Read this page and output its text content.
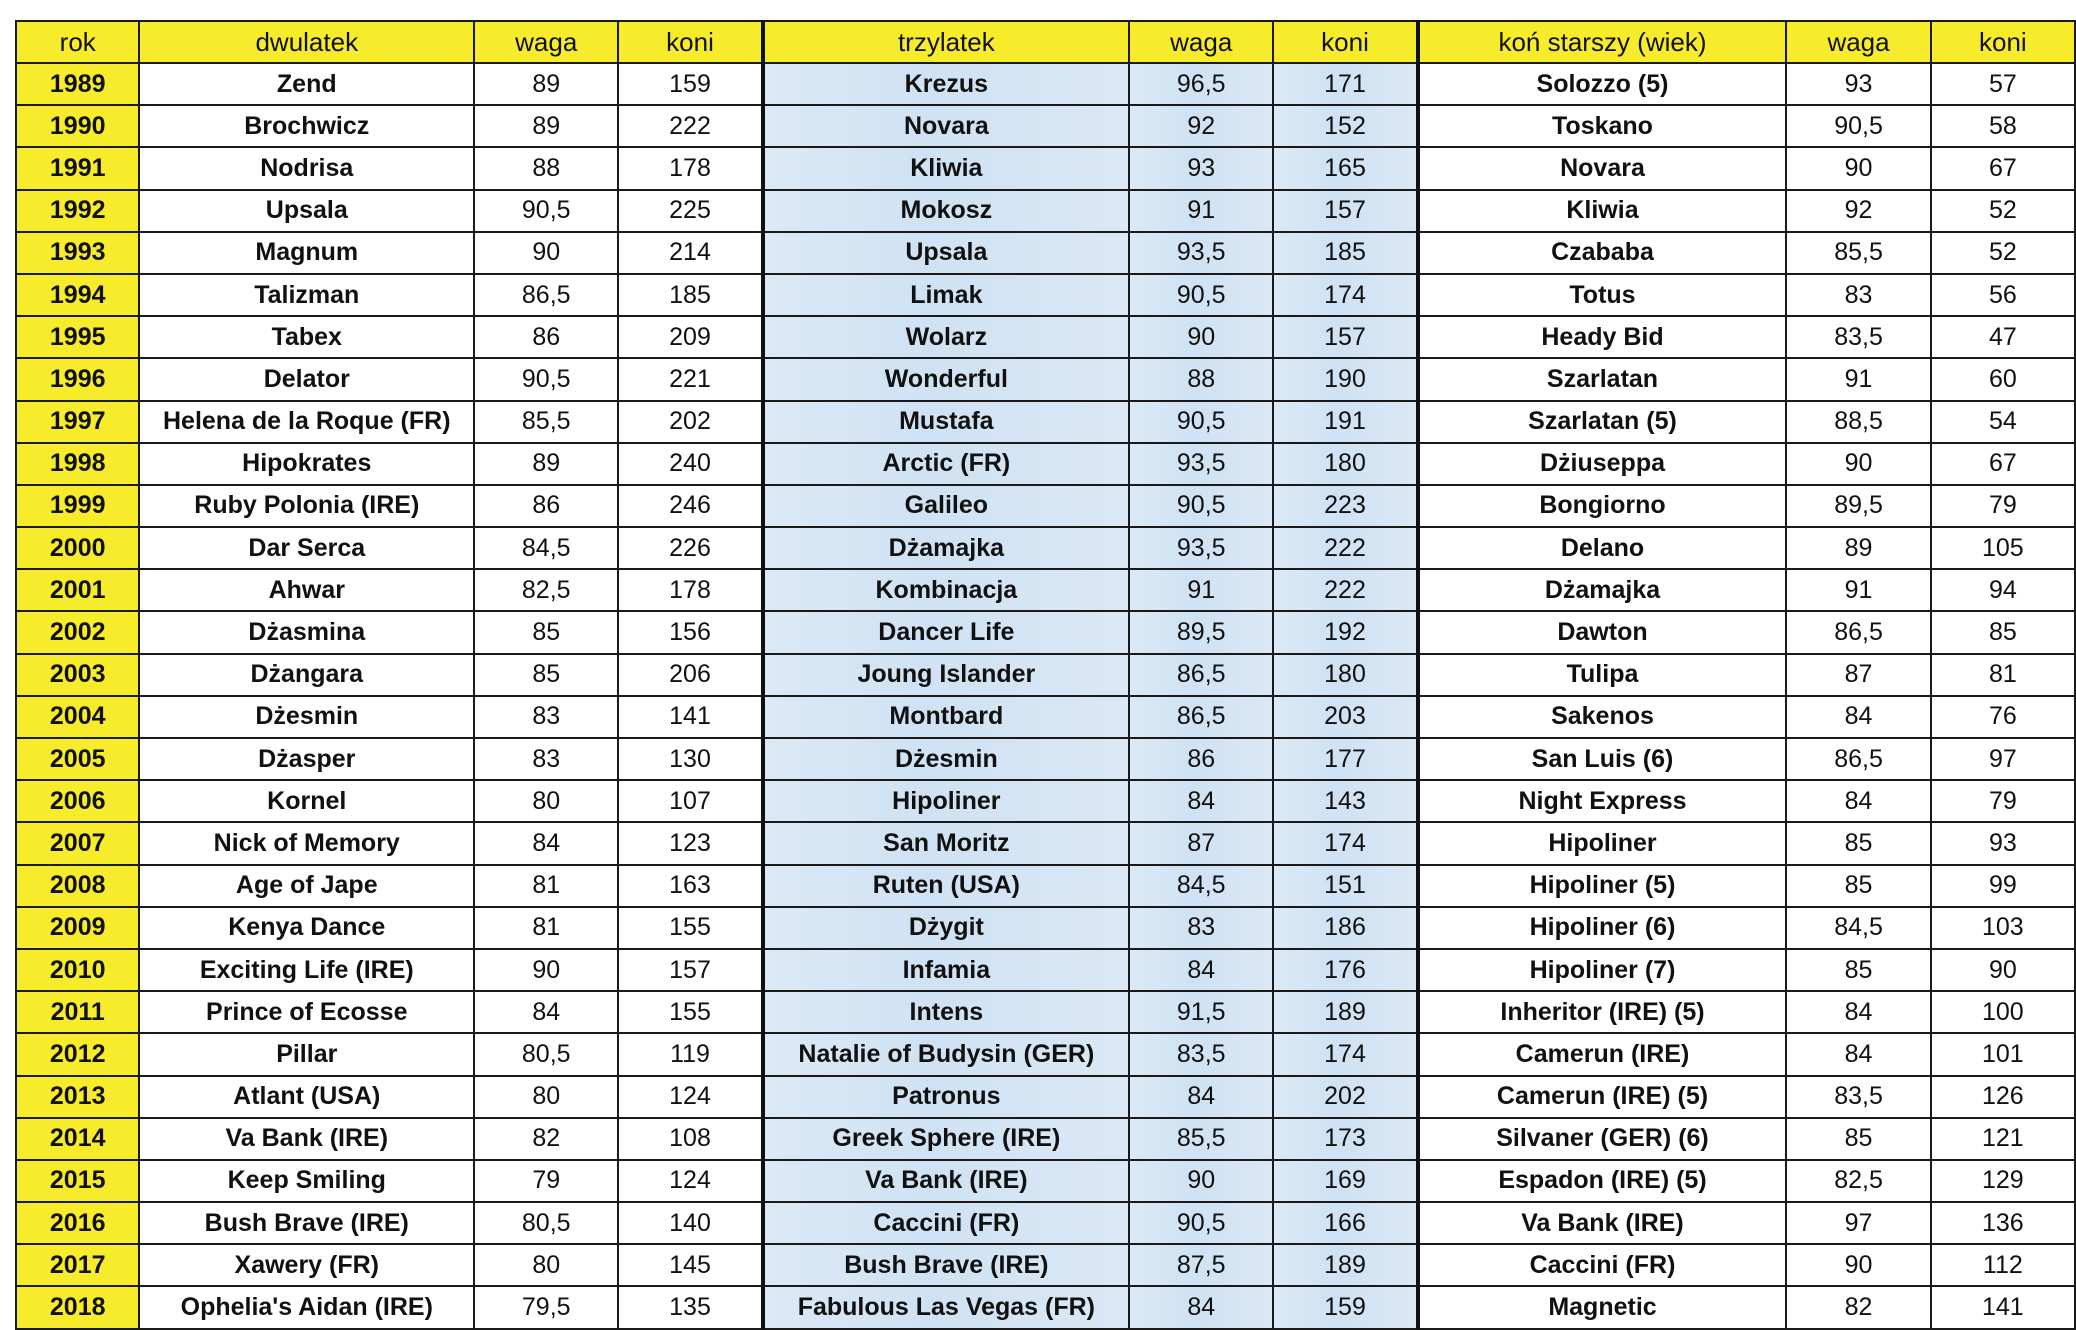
rok	dwulatek	waga	koni	trzylatek	waga	koni	koń starszy (wiek)	waga	koni
1989	Zend	89	159	Krezus	96,5	171	Solozzo (5)	93	57
1990	Brochwicz	89	222	Novara	92	152	Toskano	90,5	58
1991	Nodrisa	88	178	Kliwia	93	165	Novara	90	67
1992	Upsala	90,5	225	Mokosz	91	157	Kliwia	92	52
1993	Magnum	90	214	Upsala	93,5	185	Czababa	85,5	52
1994	Talizman	86,5	185	Limak	90,5	174	Totus	83	56
1995	Tabex	86	209	Wolarz	90	157	Heady Bid	83,5	47
1996	Delator	90,5	221	Wonderful	88	190	Szarlatan	91	60
1997	Helena de la Roque (FR)	85,5	202	Mustafa	90,5	191	Szarlatan (5)	88,5	54
1998	Hipokrates	89	240	Arctic (FR)	93,5	180	Dżiuseppa	90	67
1999	Ruby Polonia (IRE)	86	246	Galileo	90,5	223	Bongiorno	89,5	79
2000	Dar Serca	84,5	226	Dżamajka	93,5	222	Delano	89	105
2001	Ahwar	82,5	178	Kombinacja	91	222	Dżamajka	91	94
2002	Dżasmina	85	156	Dancer Life	89,5	192	Dawton	86,5	85
2003	Dżangara	85	206	Joung Islander	86,5	180	Tulipa	87	81
2004	Dżesmin	83	141	Montbard	86,5	203	Sakenos	84	76
2005	Dżasper	83	130	Dżesmin	86	177	San Luis (6)	86,5	97
2006	Kornel	80	107	Hipoliner	84	143	Night Express	84	79
2007	Nick of Memory	84	123	San Moritz	87	174	Hipoliner	85	93
2008	Age of Jape	81	163	Ruten (USA)	84,5	151	Hipoliner (5)	85	99
2009	Kenya Dance	81	155	Dżygit	83	186	Hipoliner (6)	84,5	103
2010	Exciting Life (IRE)	90	157	Infamia	84	176	Hipoliner (7)	85	90
2011	Prince of Ecosse	84	155	Intens	91,5	189	Inheritor (IRE) (5)	84	100
2012	Pillar	80,5	119	Natalie of Budysin (GER)	83,5	174	Camerun (IRE)	84	101
2013	Atlant (USA)	80	124	Patronus	84	202	Camerun (IRE) (5)	83,5	126
2014	Va Bank (IRE)	82	108	Greek Sphere (IRE)	85,5	173	Silvaner (GER) (6)	85	121
2015	Keep Smiling	79	124	Va Bank (IRE)	90	169	Espadon (IRE) (5)	82,5	129
2016	Bush Brave (IRE)	80,5	140	Caccini (FR)	90,5	166	Va Bank (IRE)	97	136
2017	Xawery (FR)	80	145	Bush Brave (IRE)	87,5	189	Caccini (FR)	90	112
2018	Ophelia's Aidan (IRE)	79,5	135	Fabulous Las Vegas (FR)	84	159	Magnetic	82	141
